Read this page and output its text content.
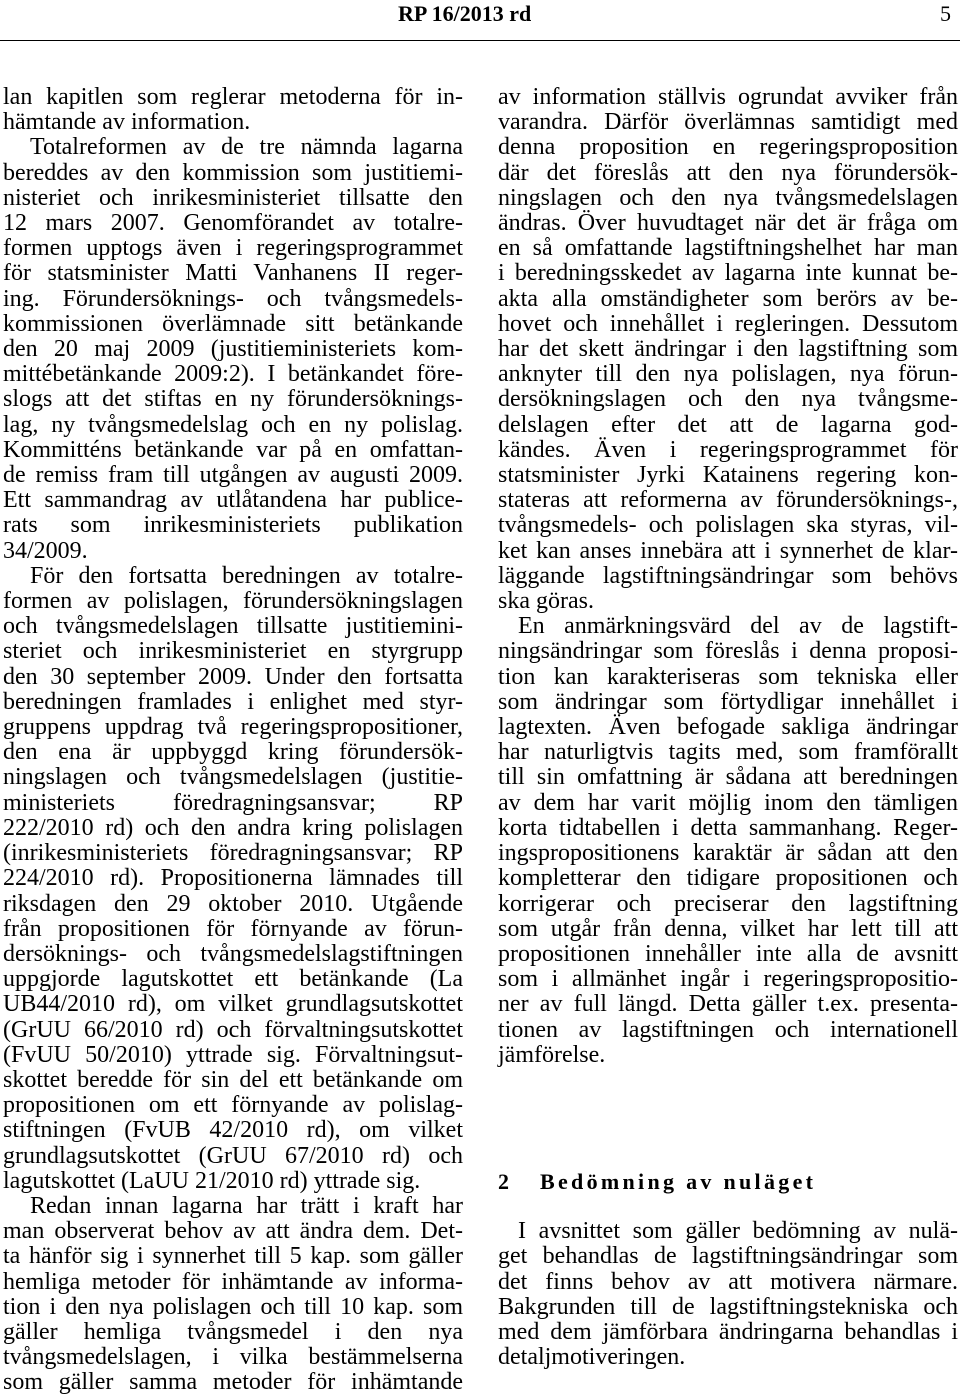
RP 16/2013 rd	5
lan kapitlen som reglerar metoderna för in-
hämtande av information.
Totalreformen av de tre nämnda lagarna
bereddes av den kommission som justitiemi-
nisteriet och inrikesministeriet tillsatte den
12 mars 2007. Genomförandet av totalre-
formen upptogs även i regeringsprogrammet
för statsminister Matti Vanhanens II reger-
ing. Förundersöknings- och tvångsmedels-
kommissionen överlämnade sitt betänkande
den 20 maj 2009 (justitieministeriets kom-
mittébetänkande 2009:2). I betänkandet före-
slogs att det stiftas en ny förundersöknings-
lag, ny tvångsmedelslag och en ny polislag.
Kommitténs betänkande var på en omfattan-
de remiss fram till utgången av augusti 2009.
Ett sammandrag av utlåtandena har publice-
rats som inrikesministeriets publikation
34/2009.
För den fortsatta beredningen av totalre-
formen av polislagen, förundersökningslagen
och tvångsmedelslagen tillsatte justitiemini-
steriet och inrikesministeriet en styrgrupp
den 30 september 2009. Under den fortsatta
beredningen framlades i enlighet med styr-
gruppens uppdrag två regeringspropositioner,
den ena är uppbyggd kring förundersök-
ningslagen och tvångsmedelslagen (justitie-
ministeriets föredragningsansvar; RP
222/2010 rd) och den andra kring polislagen
(inrikesministeriets föredragningsansvar; RP
224/2010 rd). Propositionerna lämnades till
riksdagen den 29 oktober 2010. Utgående
från propositionen för förnyande av förun-
dersöknings- och tvångsmedelslagstiftningen
uppgjorde lagutskottet ett betänkande (La
UB44/2010 rd), om vilket grundlagsutskottet
(GrUU 66/2010 rd) och förvaltningsutskottet
(FvUU 50/2010) yttrade sig. Förvaltningsut-
skottet beredde för sin del ett betänkande om
propositionen om ett förnyande av polislag-
stiftningen (FvUB 42/2010 rd), om vilket
grundlagsutskottet (GrUU 67/2010 rd) och
lagutskottet (LaUU 21/2010 rd) yttrade sig.
Redan innan lagarna har trätt i kraft har
man observerat behov av att ändra dem. Det-
ta hänför sig i synnerhet till 5 kap. som gäller
hemliga metoder för inhämtande av informa-
tion i den nya polislagen och till 10 kap. som
gäller hemliga tvångsmedel i den nya
tvångsmedelslagen, i vilka bestämmelserna
som gäller samma metoder för inhämtande
av information ställvis ogrundat avviker från
varandra. Därför överlämnas samtidigt med
denna proposition en regeringsproposition
där det föreslås att den nya förundersök-
ningslagen och den nya tvångsmedelslagen
ändras. Över huvudtaget när det är fråga om
en så omfattande lagstiftningshelhet har man
i beredningsskedet av lagarna inte kunnat be-
akta alla omständigheter som berörs av be-
hovet och innehållet i regleringen. Dessutom
har det skett ändringar i den lagstiftning som
anknyter till den nya polislagen, nya förun-
dersökningslagen och den nya tvångsme-
delslagen efter det att de lagarna god-
kändes. Även i regeringsprogrammet för
statsminister Jyrki Katainens regering kon-
stateras att reformerna av förundersöknings-,
tvångsmedels- och polislagen ska styras, vil-
ket kan anses innebära att i synnerhet de klar-
läggande lagstiftningsändringar som behövs
ska göras.
En anmärkningsvärd del av de lagstift-
ningsändringar som föreslås i denna proposi-
tion kan karakteriseras som tekniska eller
som ändringar som förtydligar innehållet i
lagtexten. Även befogade sakliga ändringar
har naturligtvis tagits med, som framförallt
till sin omfattning är sådana att beredningen
av dem har varit möjlig inom den tämligen
korta tidtabellen i detta sammanhang. Reger-
ingspropositionens karaktär är sådan att den
kompletterar den tidigare propositionen och
korrigerar och preciserar den lagstiftning
som utgår från denna, vilket har lett till att
propositionen innehåller inte alla de avsnitt
som i allmänhet ingår i regeringspropositio-
ner av full längd. Detta gäller t.ex. presenta-
tionen av lagstiftningen och internationell
jämförelse.
2 Bedömning av nuläget
I avsnittet som gäller bedömning av nulä-
get behandlas de lagstiftningsändringar som
det finns behov av att motivera närmare.
Bakgrunden till de lagstiftningstekniska och
med dem jämförbara ändringarna behandlas i
detaljmotiveringen.
